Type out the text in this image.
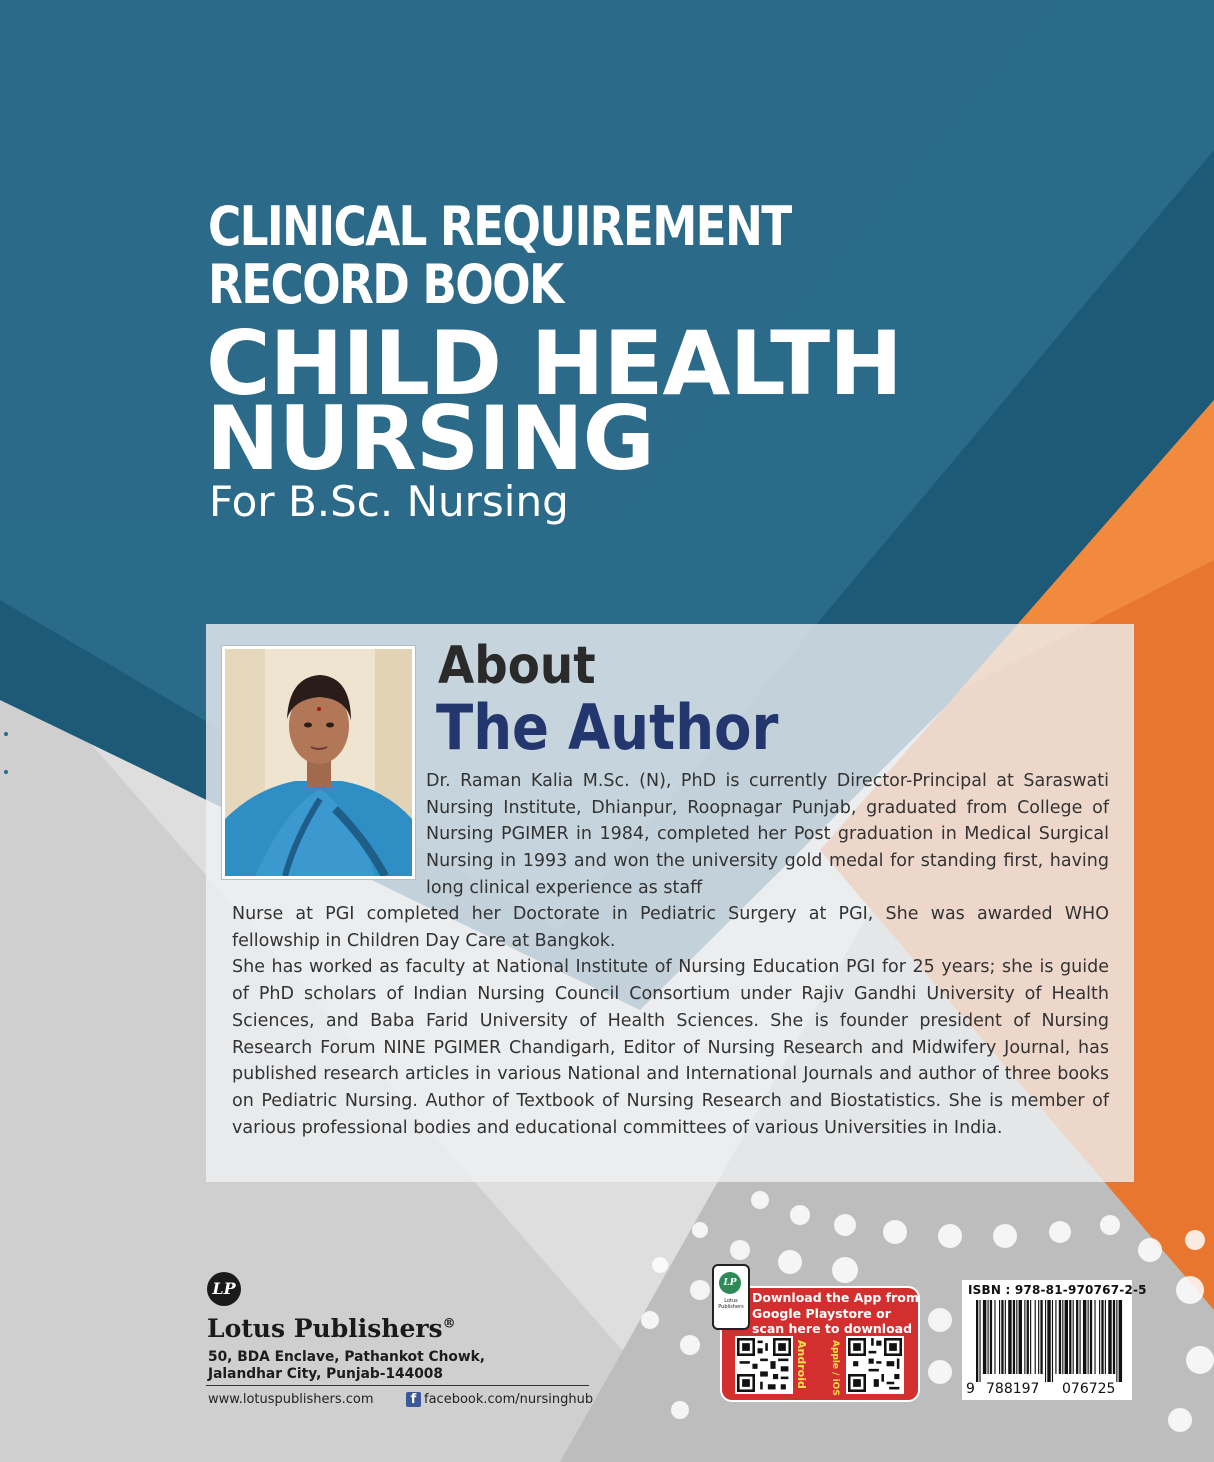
CLINICAL REQUIREMENT
RECORD BOOK
CHILD HEALTH
NURSING
For B.Sc. Nursing
About
The Author
Dr. Raman Kalia M.Sc. (N), PhD is currently Director-Principal at Saraswati Nursing Institute, Dhianpur, Roopnagar Punjab, graduated from College of Nursing PGIMER in 1984, completed her Post graduation in Medical Surgical Nursing in 1993 and won the university gold medal for standing first, having long clinical experience as staff

Nurse at PGI completed her Doctorate in Pediatric Surgery at PGI, She was awarded WHO fellowship in Children Day Care at Bangkok.

She has worked as faculty at National Institute of Nursing Education PGI for 25 years; she is guide of PhD scholars of Indian Nursing Council Consortium under Rajiv Gandhi University of Health Sciences, and Baba Farid University of Health Sciences. She is founder president of Nursing Research Forum NINE PGIMER Chandigarh, Editor of Nursing Research and Midwifery Journal, has published research articles in various National and International Journals and author of three books on Pediatric Nursing. Author of Textbook of Nursing Research and Biostatistics. She is member of various professional bodies and educational committees of various Universities in India.

LP
Lotus Publishers®
50, BDA Enclave, Pathankot Chowk,
Jalandhar City, Punjab-144008
www.lotuspublishers.com	f facebook.com/nursinghub
LP
Lotus Publishers
Download the App from Google Playstore or scan here to download
Android Apple / iOS
ISBN : 978-81-970767-2-5
9 788197 076725
